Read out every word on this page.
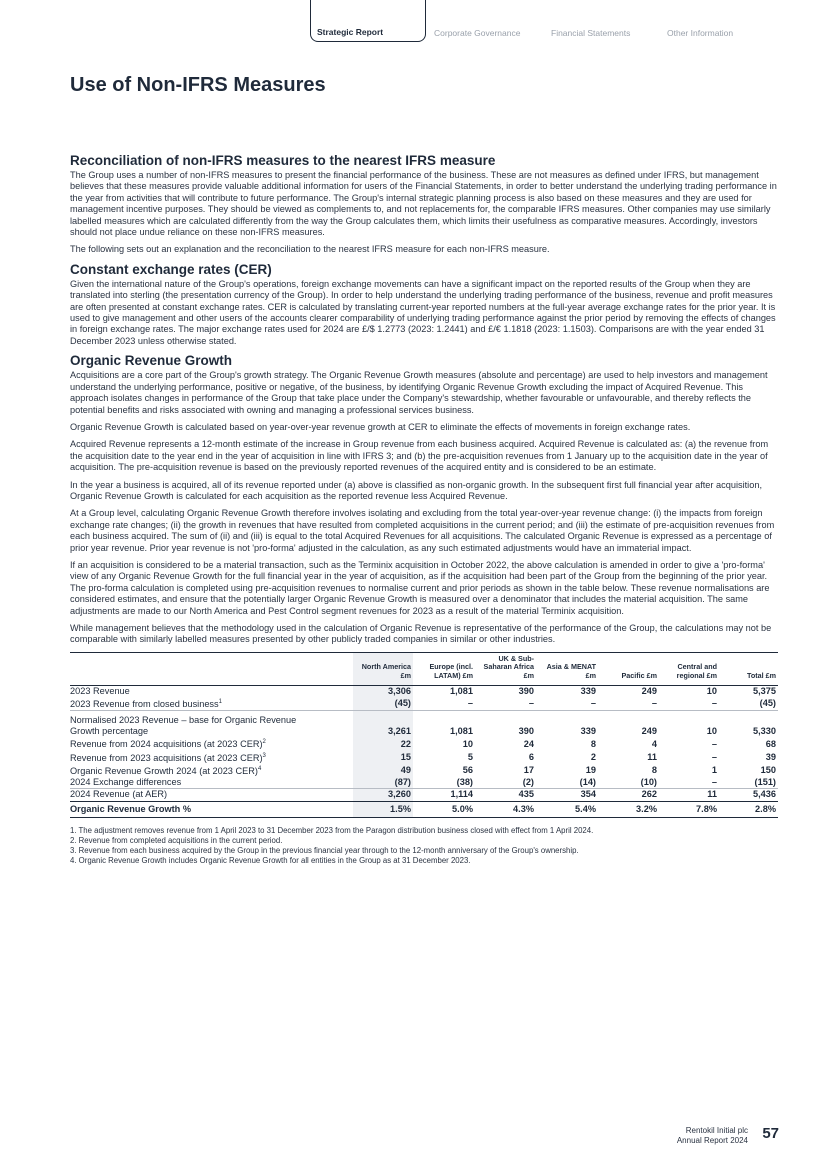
Strategic Report	Corporate Governance	Financial Statements	Other Information
Use of Non-IFRS Measures
Reconciliation of non-IFRS measures to the nearest IFRS measure

The Group uses a number of non-IFRS measures to present the financial performance of the business. These are not measures as defined under IFRS, but management believes that these measures provide valuable additional information for users of the Financial Statements, in order to better understand the underlying trading performance in the year from activities that will contribute to future performance. The Group's internal strategic planning process is also based on these measures and they are used for management incentive purposes. They should be viewed as complements to, and not replacements for, the comparable IFRS measures. Other companies may use similarly labelled measures which are calculated differently from the way the Group calculates them, which limits their usefulness as comparative measures. Accordingly, investors should not place undue reliance on these non-IFRS measures.

The following sets out an explanation and the reconciliation to the nearest IFRS measure for each non-IFRS measure.

Constant exchange rates (CER)

Given the international nature of the Group's operations, foreign exchange movements can have a significant impact on the reported results of the Group when they are translated into sterling (the presentation currency of the Group). In order to help understand the underlying trading performance of the business, revenue and profit measures are often presented at constant exchange rates. CER is calculated by translating current-year reported numbers at the full-year average exchange rates for the prior year. It is used to give management and other users of the accounts clearer comparability of underlying trading performance against the prior period by removing the effects of changes in foreign exchange rates. The major exchange rates used for 2024 are £/$ 1.2773 (2023: 1.2441) and £/€ 1.1818 (2023: 1.1503). Comparisons are with the year ended 31 December 2023 unless otherwise stated.

Organic Revenue Growth

Acquisitions are a core part of the Group's growth strategy. The Organic Revenue Growth measures (absolute and percentage) are used to help investors and management understand the underlying performance, positive or negative, of the business, by identifying Organic Revenue Growth excluding the impact of Acquired Revenue. This approach isolates changes in performance of the Group that take place under the Company's stewardship, whether favourable or unfavourable, and thereby reflects the potential benefits and risks associated with owning and managing a professional services business.

Organic Revenue Growth is calculated based on year-over-year revenue growth at CER to eliminate the effects of movements in foreign exchange rates.

Acquired Revenue represents a 12-month estimate of the increase in Group revenue from each business acquired. Acquired Revenue is calculated as: (a) the revenue from the acquisition date to the year end in the year of acquisition in line with IFRS 3; and (b) the pre-acquisition revenues from 1 January up to the acquisition date in the year of acquisition. The pre-acquisition revenue is based on the previously reported revenues of the acquired entity and is considered to be an estimate.

In the year a business is acquired, all of its revenue reported under (a) above is classified as non-organic growth. In the subsequent first full financial year after acquisition, Organic Revenue Growth is calculated for each acquisition as the reported revenue less Acquired Revenue.

At a Group level, calculating Organic Revenue Growth therefore involves isolating and excluding from the total year-over-year revenue change: (i) the impacts from foreign exchange rate changes; (ii) the growth in revenues that have resulted from completed acquisitions in the current period; and (iii) the estimate of pre-acquisition revenues from each business acquired. The sum of (ii) and (iii) is equal to the total Acquired Revenues for all acquisitions. The calculated Organic Revenue is expressed as a percentage of prior year revenue. Prior year revenue is not 'pro-forma' adjusted in the calculation, as any such estimated adjustments would have an immaterial impact.

If an acquisition is considered to be a material transaction, such as the Terminix acquisition in October 2022, the above calculation is amended in order to give a 'pro-forma' view of any Organic Revenue Growth for the full financial year in the year of acquisition, as if the acquisition had been part of the Group from the beginning of the prior year. The pro-forma calculation is completed using pre-acquisition revenues to normalise current and prior periods as shown in the table below. These revenue normalisations are considered estimates, and ensure that the potentially larger Organic Revenue Growth is measured over a denominator that includes the material acquisition. The same adjustments are made to our North America and Pest Control segment revenues for 2023 as a result of the material Terminix acquisition.

While management believes that the methodology used in the calculation of Organic Revenue is representative of the performance of the Group, the calculations may not be comparable with similarly labelled measures presented by other publicly traded companies in similar or other industries.

	North America £m	Europe (incl. LATAM) £m	UK & Sub-Saharan Africa £m	Asia & MENAT £m	Pacific £m	Central and regional £m	Total £m
2023 Revenue	3,306	1,081	390	339	249	10	5,375
2023 Revenue from closed business$^1$	(45)	–	–	–	–	–	(45)
Normalised 2023 Revenue – base for Organic Revenue							
Growth percentage	3,261	1,081	390	339	249	10	5,330
Revenue from 2024 acquisitions (at 2023 CER)$^2$	22	10	24	8	4	–	68
Revenue from 2023 acquisitions (at 2023 CER)$^3$	15	5	6	2	11	–	39
Organic Revenue Growth 2024 (at 2023 CER)$^4$	49	56	17	19	8	1	150
2024 Exchange differences	(87)	(38)	(2)	(14)	(10)	–	(151)
2024 Revenue (at AER)	3,260	1,114	435	354	262	11	5,436
Organic Revenue Growth %	1.5%	5.0%	4.3%	5.4%	3.2%	7.8%	2.8%
1. The adjustment removes revenue from 1 April 2023 to 31 December 2023 from the Paragon distribution business closed with effect from 1 April 2024.
2. Revenue from completed acquisitions in the current period.
3. Revenue from each business acquired by the Group in the previous financial year through to the 12-month anniversary of the Group's ownership.
4. Organic Revenue Growth includes Organic Revenue Growth for all entities in the Group as at 31 December 2023.
Rentokil Initial plc
Annual Report 2024 57
